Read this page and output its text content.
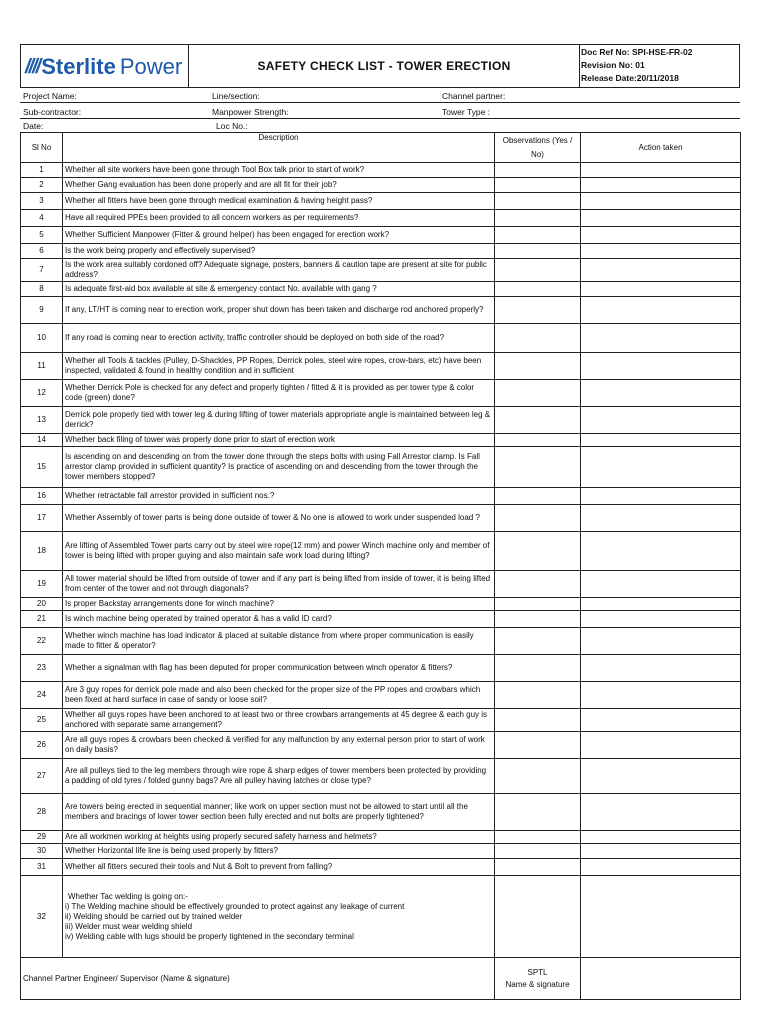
//// Sterlite Power	SAFETY CHECK LIST - TOWER ERECTION
Doc Ref No: SPI-HSE-FR-02
Revision No: 01
Release Date:20/11/2018
Project Name:	Line/section:	Channel partner:
Sub-contractor:	Manpower Strength:	Tower Type :
Date:	Loc No.:
Sl No	Description	Observations (Yes / No)	Action taken
1	Whether all site workers have been gone through Tool Box talk prior to start of work?		
2	Whether Gang evaluation has been done properly and are all fit for their job?		
3	Whether all fitters have been gone through medical examination & having height pass?		
4	Have all required PPEs been provided to all concern workers as per requirements?		
5	Whether Sufficient Manpower (Fitter & ground helper) has been engaged for erection work?		
6	Is the work being properly and effectively supervised?		
7	Is the work area suitably cordoned off? Adequate signage, posters, banners & caution tape are present at site for public address?		
8	Is adequate first-aid box available at site & emergency contact No. available with gang ?		
9	If any, LT/HT is coming near to erection work, proper shut down has been taken and discharge rod anchored properly?		
10	If any road is coming near to erection activity, traffic controller should be deployed on both side of the road?		
11	Whether all Tools & tackles (Pulley, D-Shackles, PP Ropes, Derrick poles, steel wire ropes, crow-bars, etc) have been inspected, validated & found in healthy condition and in sufficient		
12	Whether Derrick Pole is checked for any defect and properly tighten / fitted & it is provided as per tower type & color code (green) done?		
13	Derrick pole properly tied with tower leg & during lifting of tower materials appropriate angle is maintained between leg & derrick?		
14	Whether back filing of tower was properly done prior to start of erection work		
15	Is ascending on and descending on from the tower done through the steps bolts with using Fall Arrestor clamp. Is Fall arrestor clamp provided in sufficient quantity? Is practice of ascending on and descending from the tower through the tower members stopped?		
16	Whether retractable fall arrestor provided in sufficient nos.?		
17	Whether Assembly of tower parts is being done outside of tower & No one is allowed to work under suspended load ?		
18	Are lifting of Assembled Tower parts carry out by steel wire rope(12 mm) and power Winch machine only and member of tower is being lifted with proper guying and also maintain safe work load during lifting?		
19	All tower material should be lifted from outside of tower and if any part is being lifted from inside of tower, it is being lifted from center of the tower and not through diagonals?		
20	Is proper Backstay arrangements done for winch machine?		
21	Is winch machine being operated by trained operator & has a valid ID card?		
22	Whether winch machine has load indicator & placed at suitable distance from where proper communication is easily made to fitter & operator?		
23	Whether a signalman with flag has been deputed for proper communication between winch operator & fitters?		
24	Are 3 guy ropes for derrick pole made and also been checked for the proper size of the PP ropes and crowbars which been fixed at hard surface in case of sandy or loose soil?		
25	Whether all guys ropes have been anchored to at least two or three crowbars arrangements at 45 degree & each guy is anchored with separate same arrangement?		
26	Are all guys ropes & crowbars been checked & verified for any malfunction by any external person prior to start of work on daily basis?		
27	Are all pulleys tied to the leg members through wire rope & sharp edges of tower members been protected by providing a padding of old tyres / folded gunny bags? Are all pulley having latches or close type?		
28	Are towers being erected in sequential manner; like work on upper section must not be allowed to start until all the members and bracings of lower tower section been fully erected and nut bolts are properly tightened?		
29	Are all workmen working at heights using properly secured safety harness and helmets?		
30	Whether Horizontal life line is being used properly by fitters?		
31	Whether all fitters secured their tools and Nut & Bolt to prevent from falling?		
32	Whether Tac welding is going on:-
i) The Welding machine should be effectively grounded to protect against any leakage of current
ii) Welding should be carried out by trained welder
iii) Welder must wear welding shield
iv) Welding cable with lugs should be properly tightened in the secondary terminal		

Channel Partner Engineer/ Supervisor (Name & signature)		SPTL
Name & signature	
